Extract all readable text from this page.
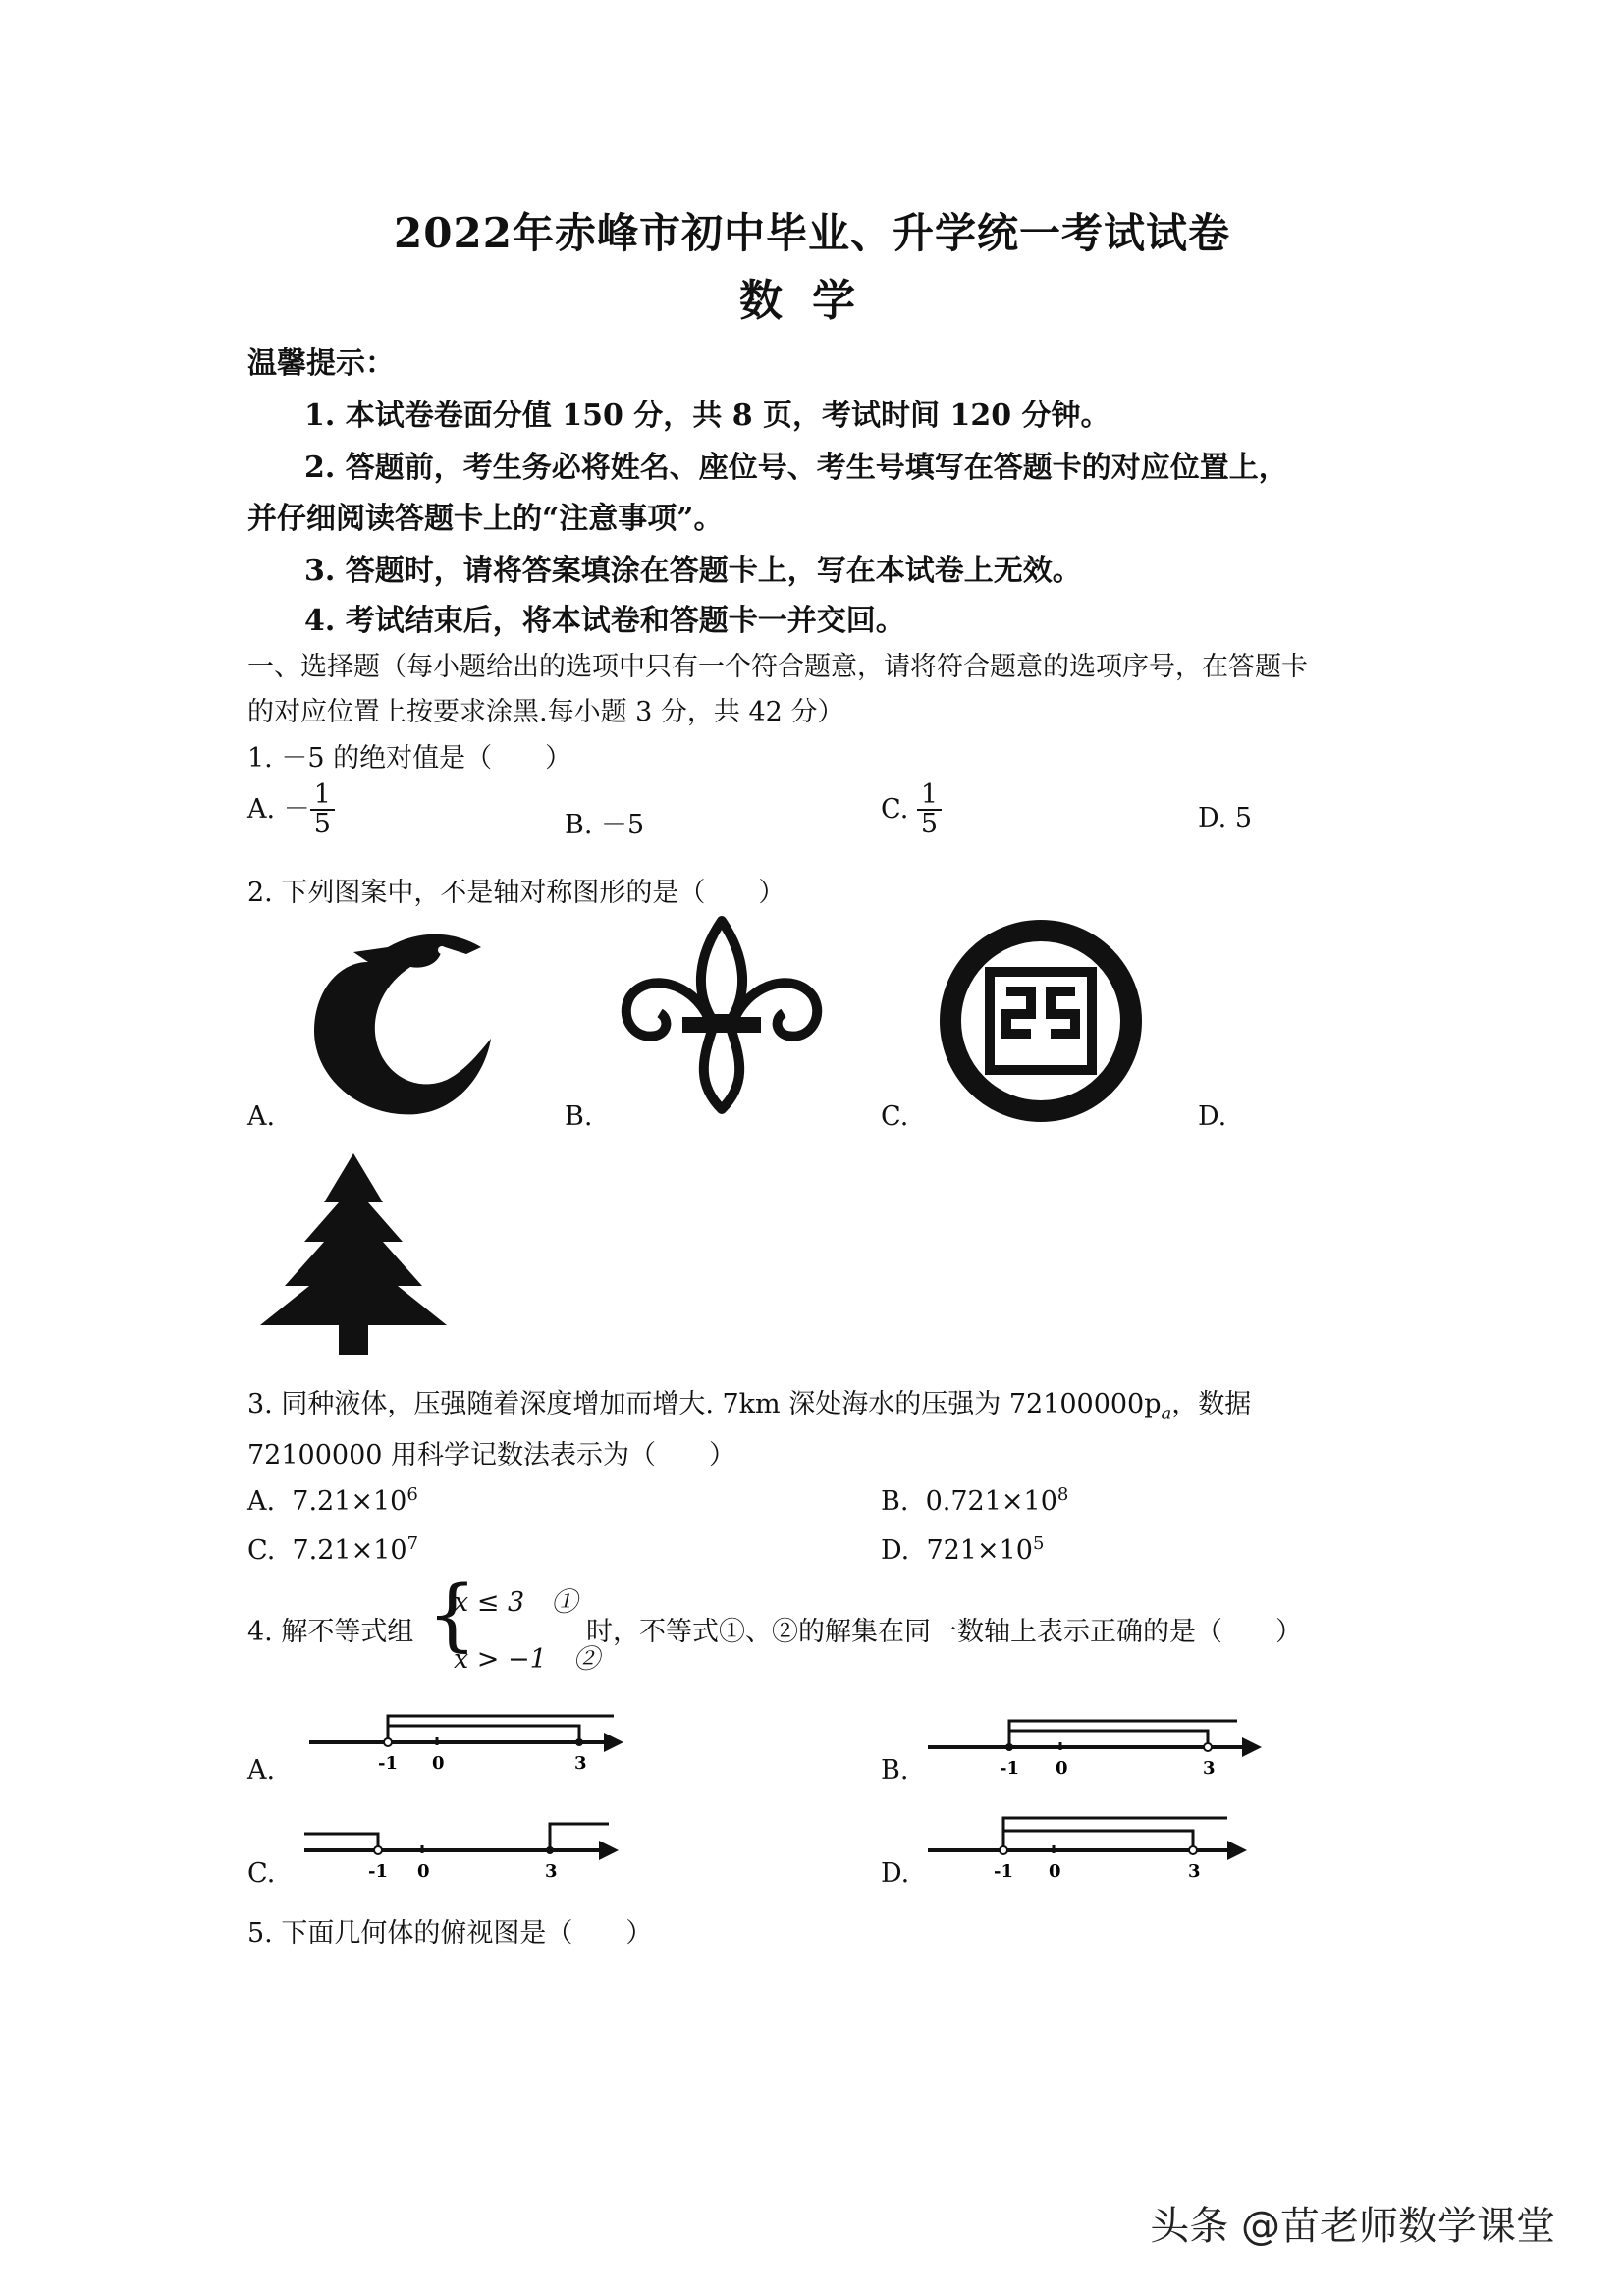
2022年赤峰市初中毕业、升学统一考试试卷
数学
温馨提示：
1. 本试卷卷面分值 150 分，共 8 页，考试时间 120 分钟。
2. 答题前，考生务必将姓名、座位号、考生号填写在答题卡的对应位置上，
并仔细阅读答题卡上的“注意事项”。
3. 答题时，请将答案填涂在答题卡上，写在本试卷上无效。
4. 考试结束后，将本试卷和答题卡一并交回。
一、选择题（每小题给出的选项中只有一个符合题意，请将符合题意的选项序号，在答题卡
的对应位置上按要求涂黑.每小题 3 分，共 42 分）
1. －5 的绝对值是（　　）
A. － $\frac{1}{5}$	B. －5
C. $\frac{1}{5}$	D. 5
2. 下列图案中，不是轴对称图形的是（　　）
A.	B.	C.	D.
3. 同种液体，压强随着深度增加而增大. 7km 深处海水的压强为 $72100000p_a$，数据
72100000 用科学记数法表示为（　　）
A. $7.21\times 10^6$	B. $0.721\times 10^8$
C. $7.21\times 10^7$	D. $721\times 10^5$
4. 解不等式组 {
x ≤ 3　①
x > −1　②
时，不等式①、②的解集在同一数轴上表示正确的是（　　）
A.	-1 0	3	B.	-1 0	3
C.	-1 0	3	D.	-1 0	3
5. 下面几何体的俯视图是（　　）
头条 @苗老师数学课堂
